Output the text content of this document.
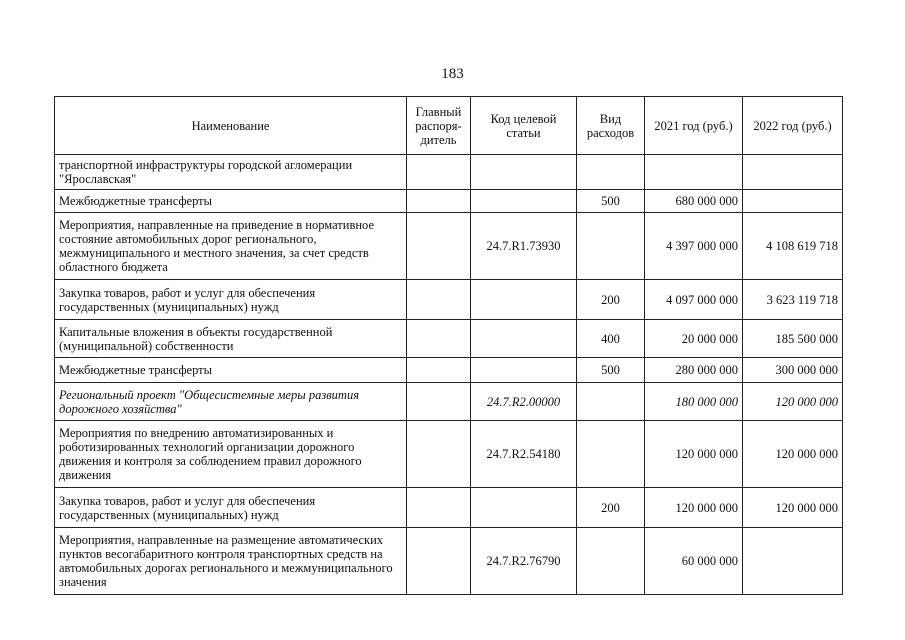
183
Наименование	Главный распоря-дитель	Код целевой статьи	Вид расходов	2021 год (руб.)	2022 год (руб.)
транспортной инфраструктуры городской агломерации "Ярославская"					
Межбюджетные трансферты			500	680 000 000	
Мероприятия, направленные на приведение в нормативное состояние автомобильных дорог регионального, межмуниципального и местного значения, за счет средств областного бюджета		24.7.R1.73930		4 397 000 000	4 108 619 718
Закупка товаров, работ и услуг для обеспечения государственных (муниципальных) нужд			200	4 097 000 000	3 623 119 718
Капитальные вложения в объекты государственной (муниципальной) собственности			400	20 000 000	185 500 000
Межбюджетные трансферты			500	280 000 000	300 000 000
Региональный проект "Общесистемные меры развития дорожного хозяйства"		24.7.R2.00000		180 000 000	120 000 000
Мероприятия по внедрению автоматизированных и роботизированных технологий организации дорожного движения и контроля за соблюдением правил дорожного движения		24.7.R2.54180		120 000 000	120 000 000
Закупка товаров, работ и услуг для обеспечения государственных (муниципальных) нужд			200	120 000 000	120 000 000
Мероприятия, направленные на размещение автоматических пунктов весогабаритного контроля транспортных средств на автомобильных дорогах регионального и межмуниципального значения		24.7.R2.76790		60 000 000	
